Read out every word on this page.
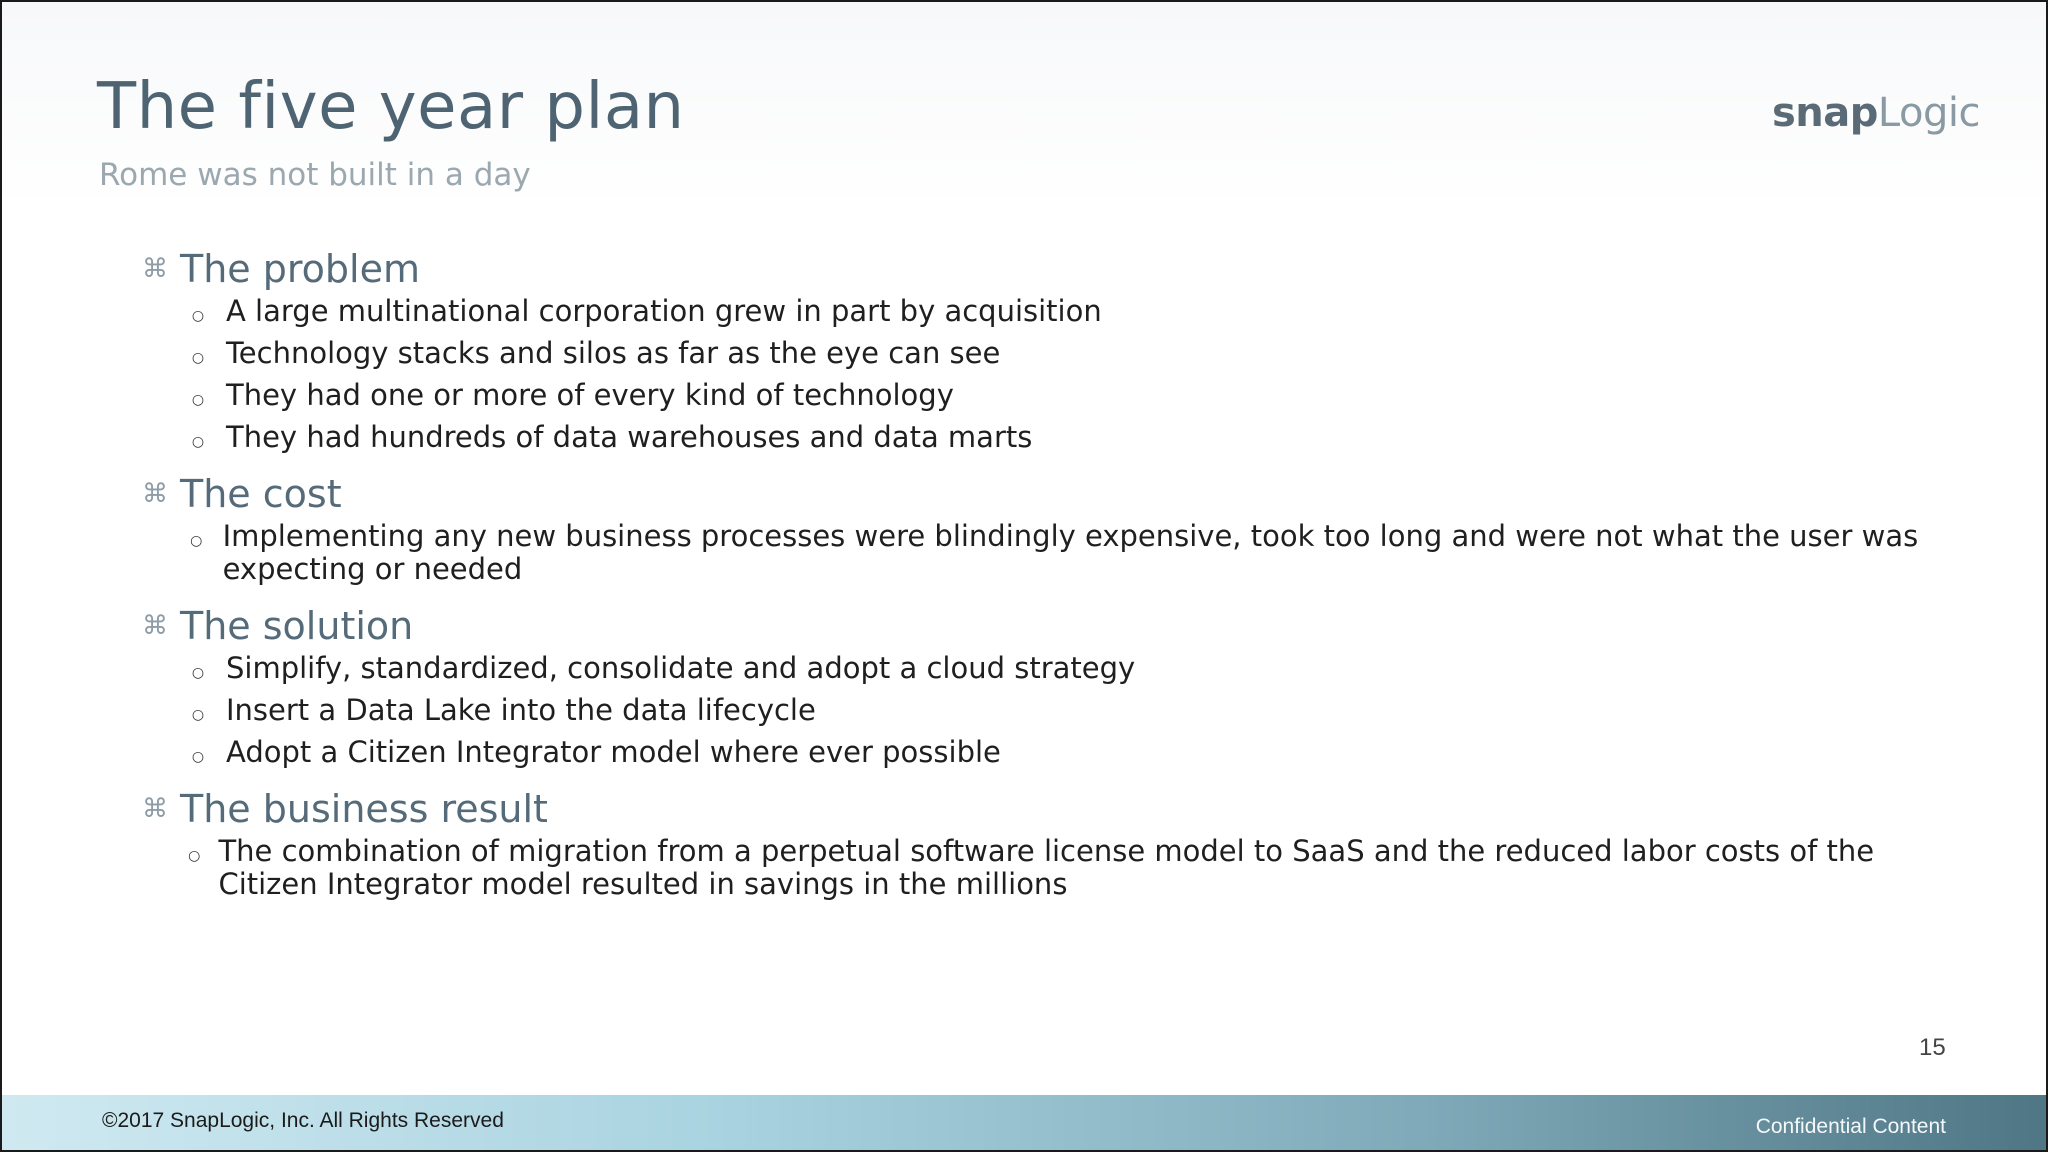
The five year plan
Rome was not built in a day
snapLogic
⌘ The problem
○ A large multinational corporation grew in part by acquisition
○ Technology stacks and silos as far as the eye can see
○ They had one or more of every kind of technology
○ They had hundreds of data warehouses and data marts
⌘ The cost
○ Implementing any new business processes were blindingly expensive, took too long and were not what the user was expecting or needed
⌘ The solution
○ Simplify, standardized, consolidate and adopt a cloud strategy
○ Insert a Data Lake into the data lifecycle
○ Adopt a Citizen Integrator model where ever possible
⌘ The business result
○ The combination of migration from a perpetual software license model to SaaS and the reduced labor costs of the Citizen Integrator model resulted in savings in the millions
15
©2017 SnapLogic, Inc. All Rights Reserved	Confidential Content
